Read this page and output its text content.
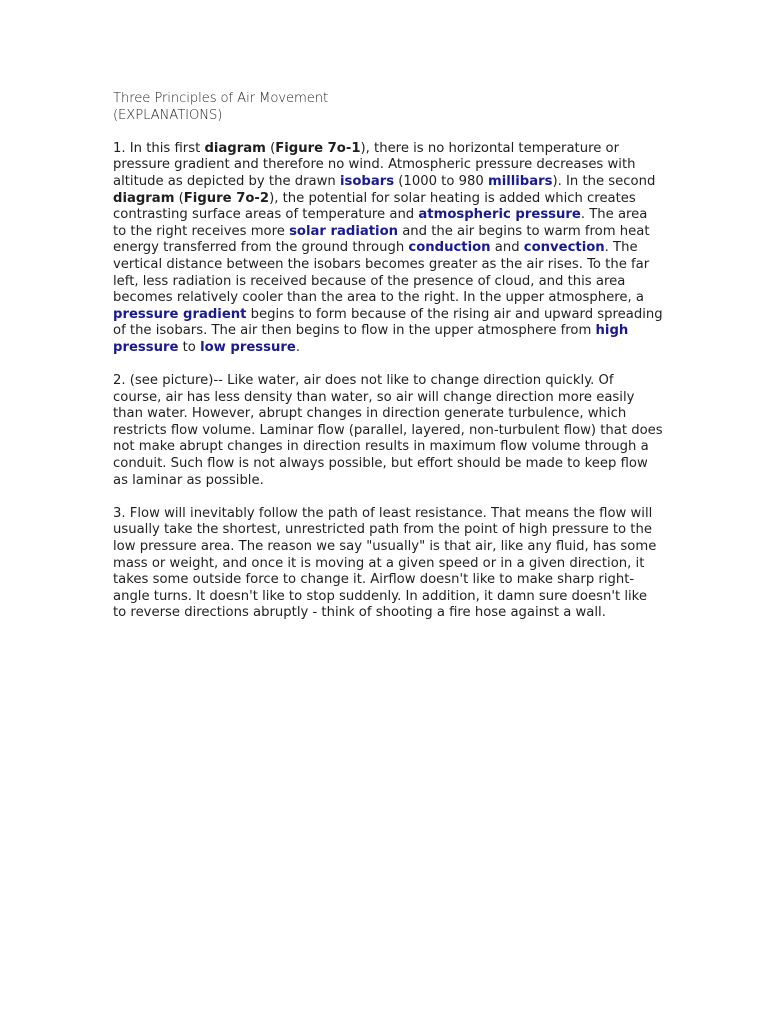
Three Principles of Air Movement
(EXPLANATIONS)

1. In this first diagram (Figure 7o-1), there is no horizontal temperature or pressure gradient and therefore no wind. Atmospheric pressure decreases with altitude as depicted by the drawn isobars (1000 to 980 millibars). In the second diagram (Figure 7o-2), the potential for solar heating is added which creates contrasting surface areas of temperature and atmospheric pressure. The area to the right receives more solar radiation and the air begins to warm from heat energy transferred from the ground through conduction and convection. The vertical distance between the isobars becomes greater as the air rises. To the far left, less radiation is received because of the presence of cloud, and this area becomes relatively cooler than the area to the right. In the upper atmosphere, a pressure gradient begins to form because of the rising air and upward spreading of the isobars. The air then begins to flow in the upper atmosphere from high pressure to low pressure.

2. (see picture)-- Like water, air does not like to change direction quickly. Of course, air has less density than water, so air will change direction more easily than water. However, abrupt changes in direction generate turbulence, which restricts flow volume. Laminar flow (parallel, layered, non-turbulent flow) that does not make abrupt changes in direction results in maximum flow volume through a conduit. Such flow is not always possible, but effort should be made to keep flow as laminar as possible.

3. Flow will inevitably follow the path of least resistance. That means the flow will usually take the shortest, unrestricted path from the point of high pressure to the low pressure area. The reason we say "usually" is that air, like any fluid, has some mass or weight, and once it is moving at a given speed or in a given direction, it takes some outside force to change it. Airflow doesn't like to make sharp right-angle turns. It doesn't like to stop suddenly. In addition, it damn sure doesn't like to reverse directions abruptly - think of shooting a fire hose against a wall.
